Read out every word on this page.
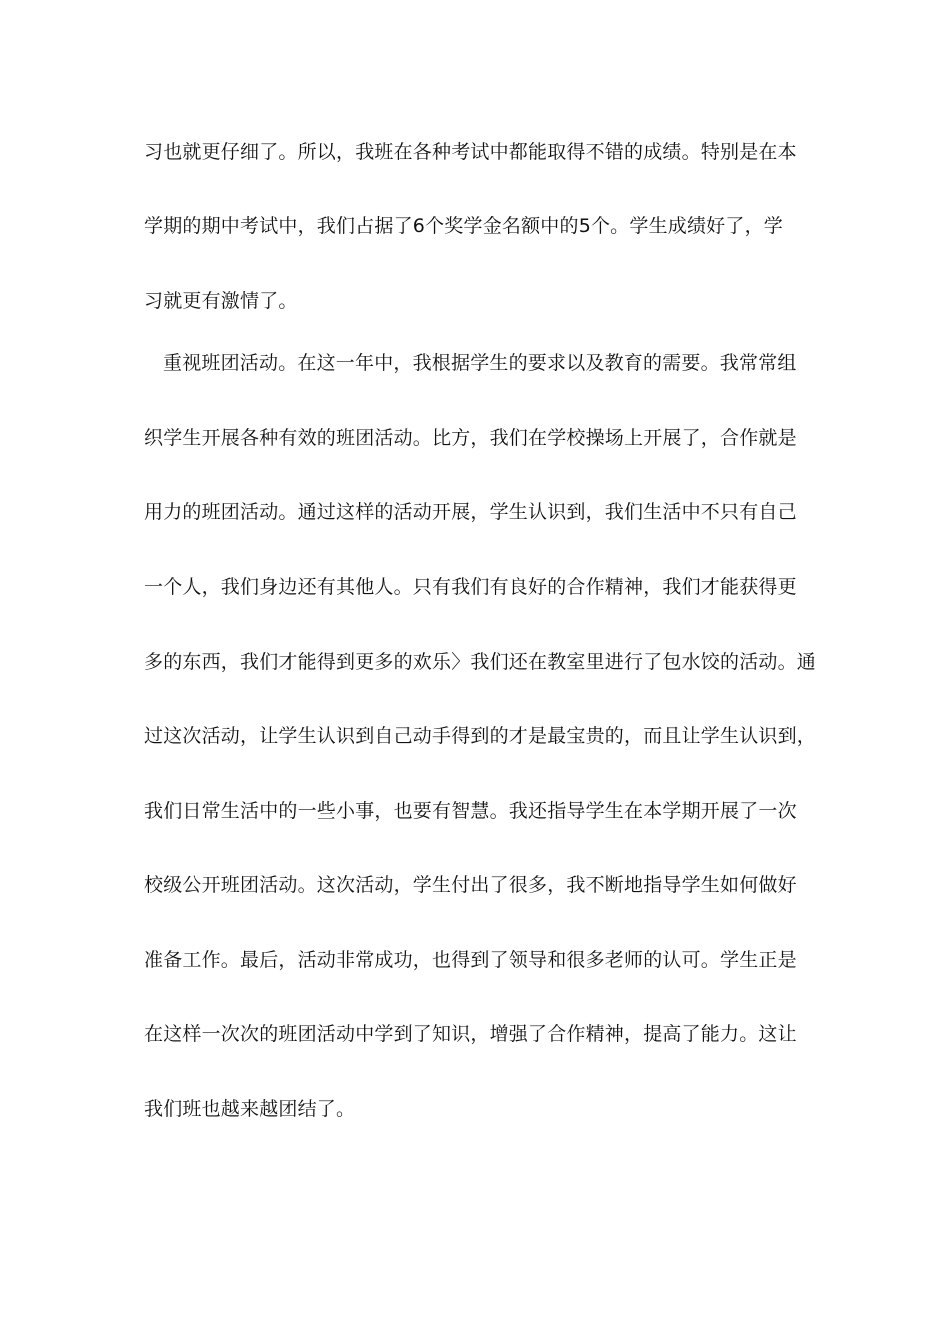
习也就更仔细了。所以，我班在各种考试中都能取得不错的成绩。特别是在本
学期的期中考试中，我们占据了6个奖学金名额中的5个。学生成绩好了，学
习就更有激情了。
重视班团活动。在这一年中，我根据学生的要求以及教育的需要。我常常组
织学生开展各种有效的班团活动。比方，我们在学校操场上开展了，合作就是
用力的班团活动。通过这样的活动开展，学生认识到，我们生活中不只有自己
一个人，我们身边还有其他人。只有我们有良好的合作精神，我们才能获得更
多的东西，我们才能得到更多的欢乐〉我们还在教室里进行了包水饺的活动。通
过这次活动，让学生认识到自己动手得到的才是最宝贵的，而且让学生认识到，
我们日常生活中的一些小事，也要有智慧。我还指导学生在本学期开展了一次
校级公开班团活动。这次活动，学生付出了很多，我不断地指导学生如何做好
准备工作。最后，活动非常成功，也得到了领导和很多老师的认可。学生正是
在这样一次次的班团活动中学到了知识，增强了合作精神，提高了能力。这让
我们班也越来越团结了。
